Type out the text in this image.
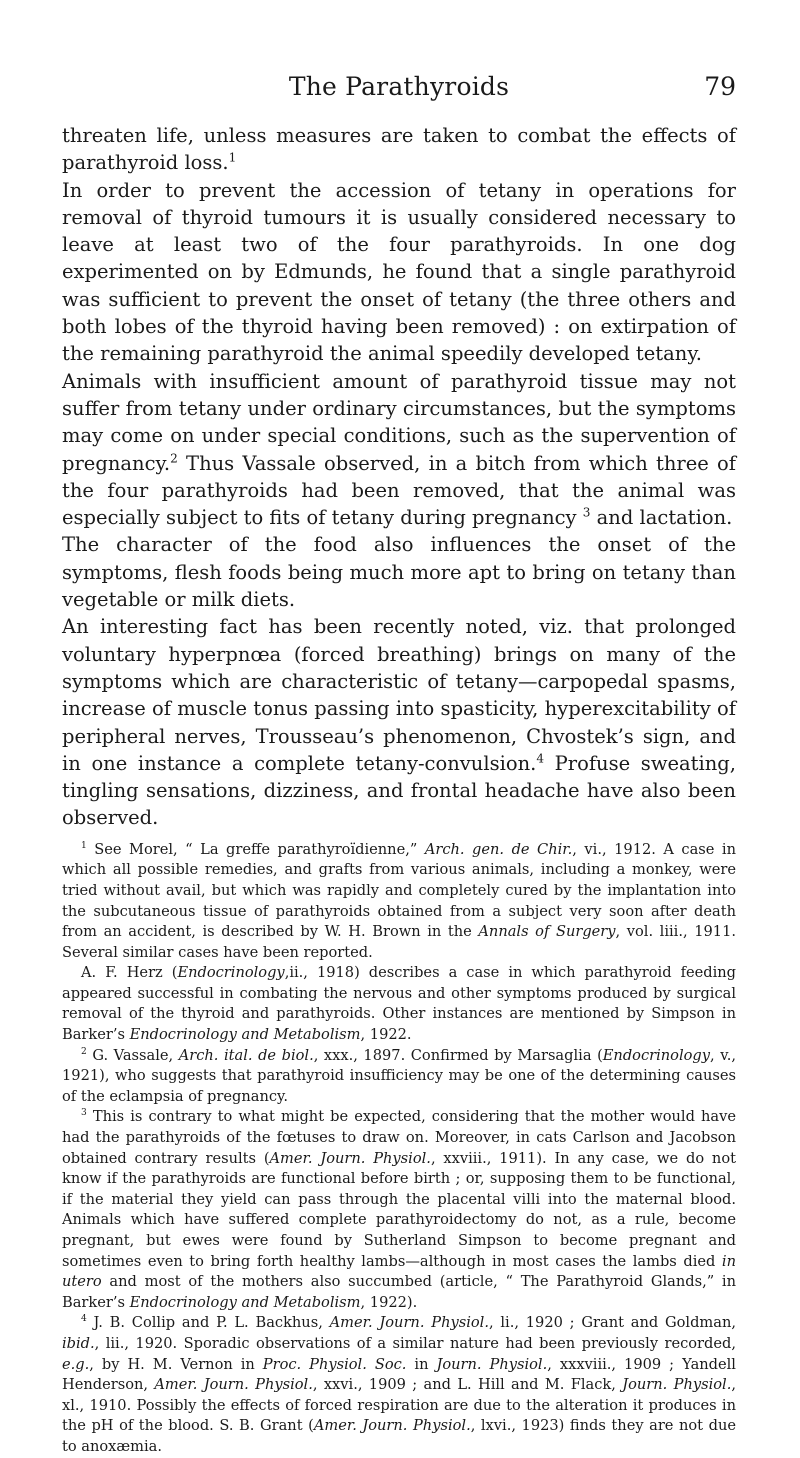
The Parathyroids	79

threaten life, unless measures are taken to combat the effects of parathyroid loss.$^1$

In order to prevent the accession of tetany in operations for removal of thyroid tumours it is usually considered necessary to leave at least two of the four parathyroids. In one dog experimented on by Edmunds, he found that a single parathyroid was sufficient to prevent the onset of tetany (the three others and both lobes of the thyroid having been removed) : on extirpation of the remaining parathyroid the animal speedily developed tetany.

Animals with insufficient amount of parathyroid tissue may not suffer from tetany under ordinary circumstances, but the symptoms may come on under special conditions, such as the supervention of pregnancy.$^2$ Thus Vassale observed, in a bitch from which three of the four parathyroids had been removed, that the animal was especially subject to fits of tetany during pregnancy $^3$ and lactation.

The character of the food also influences the onset of the symptoms, flesh foods being much more apt to bring on tetany than vegetable or milk diets.

An interesting fact has been recently noted, viz. that prolonged voluntary hyperpnœa (forced breathing) brings on many of the symptoms which are characteristic of tetany—carpopedal spasms, increase of muscle tonus passing into spasticity, hyperexcitability of peripheral nerves, Trousseau’s phenomenon, Chvostek’s sign, and in one instance a complete tetany-convulsion.$^4$ Profuse sweating, tingling sensations, dizziness, and frontal headache have also been observed.

$^1$ See Morel, “ La greffe parathyroïdienne,” Arch. gen. de Chir., vi., 1912. A case in which all possible remedies, and grafts from various animals, including a monkey, were tried without avail, but which was rapidly and completely cured by the implantation into the subcutaneous tissue of parathyroids obtained from a subject very soon after death from an accident, is described by W. H. Brown in the Annals of Surgery, vol. liii., 1911. Several similar cases have been reported.

A. F. Herz (Endocrinology,ii., 1918) describes a case in which parathyroid feeding appeared successful in combating the nervous and other symptoms produced by surgical removal of the thyroid and parathyroids. Other instances are mentioned by Simpson in Barker’s Endocrinology and Metabolism, 1922.

$^2$ G. Vassale, Arch. ital. de biol., xxx., 1897. Confirmed by Marsaglia (Endocrinology, v., 1921), who suggests that parathyroid insufficiency may be one of the determining causes of the eclampsia of pregnancy.

$^3$ This is contrary to what might be expected, considering that the mother would have had the parathyroids of the fœtuses to draw on. Moreover, in cats Carlson and Jacobson obtained contrary results (Amer. Journ. Physiol., xxviii., 1911). In any case, we do not know if the parathyroids are functional before birth ; or, supposing them to be functional, if the material they yield can pass through the placental villi into the maternal blood. Animals which have suffered complete parathyroidectomy do not, as a rule, become pregnant, but ewes were found by Sutherland Simpson to become pregnant and sometimes even to bring forth healthy lambs—although in most cases the lambs died in utero and most of the mothers also succumbed (article, “ The Parathyroid Glands,” in Barker’s Endocrinology and Metabolism, 1922).

$^4$ J. B. Collip and P. L. Backhus, Amer. Journ. Physiol., li., 1920 ; Grant and Goldman, ibid., lii., 1920. Sporadic observations of a similar nature had been previously recorded, e.g., by H. M. Vernon in Proc. Physiol. Soc. in Journ. Physiol., xxxviii., 1909 ; Yandell Henderson, Amer. Journ. Physiol., xxvi., 1909 ; and L. Hill and M. Flack, Journ. Physiol., xl., 1910. Possibly the effects of forced respiration are due to the alteration it produces in the pH of the blood. S. B. Grant (Amer. Journ. Physiol., lxvi., 1923) finds they are not due to anoxæmia.
